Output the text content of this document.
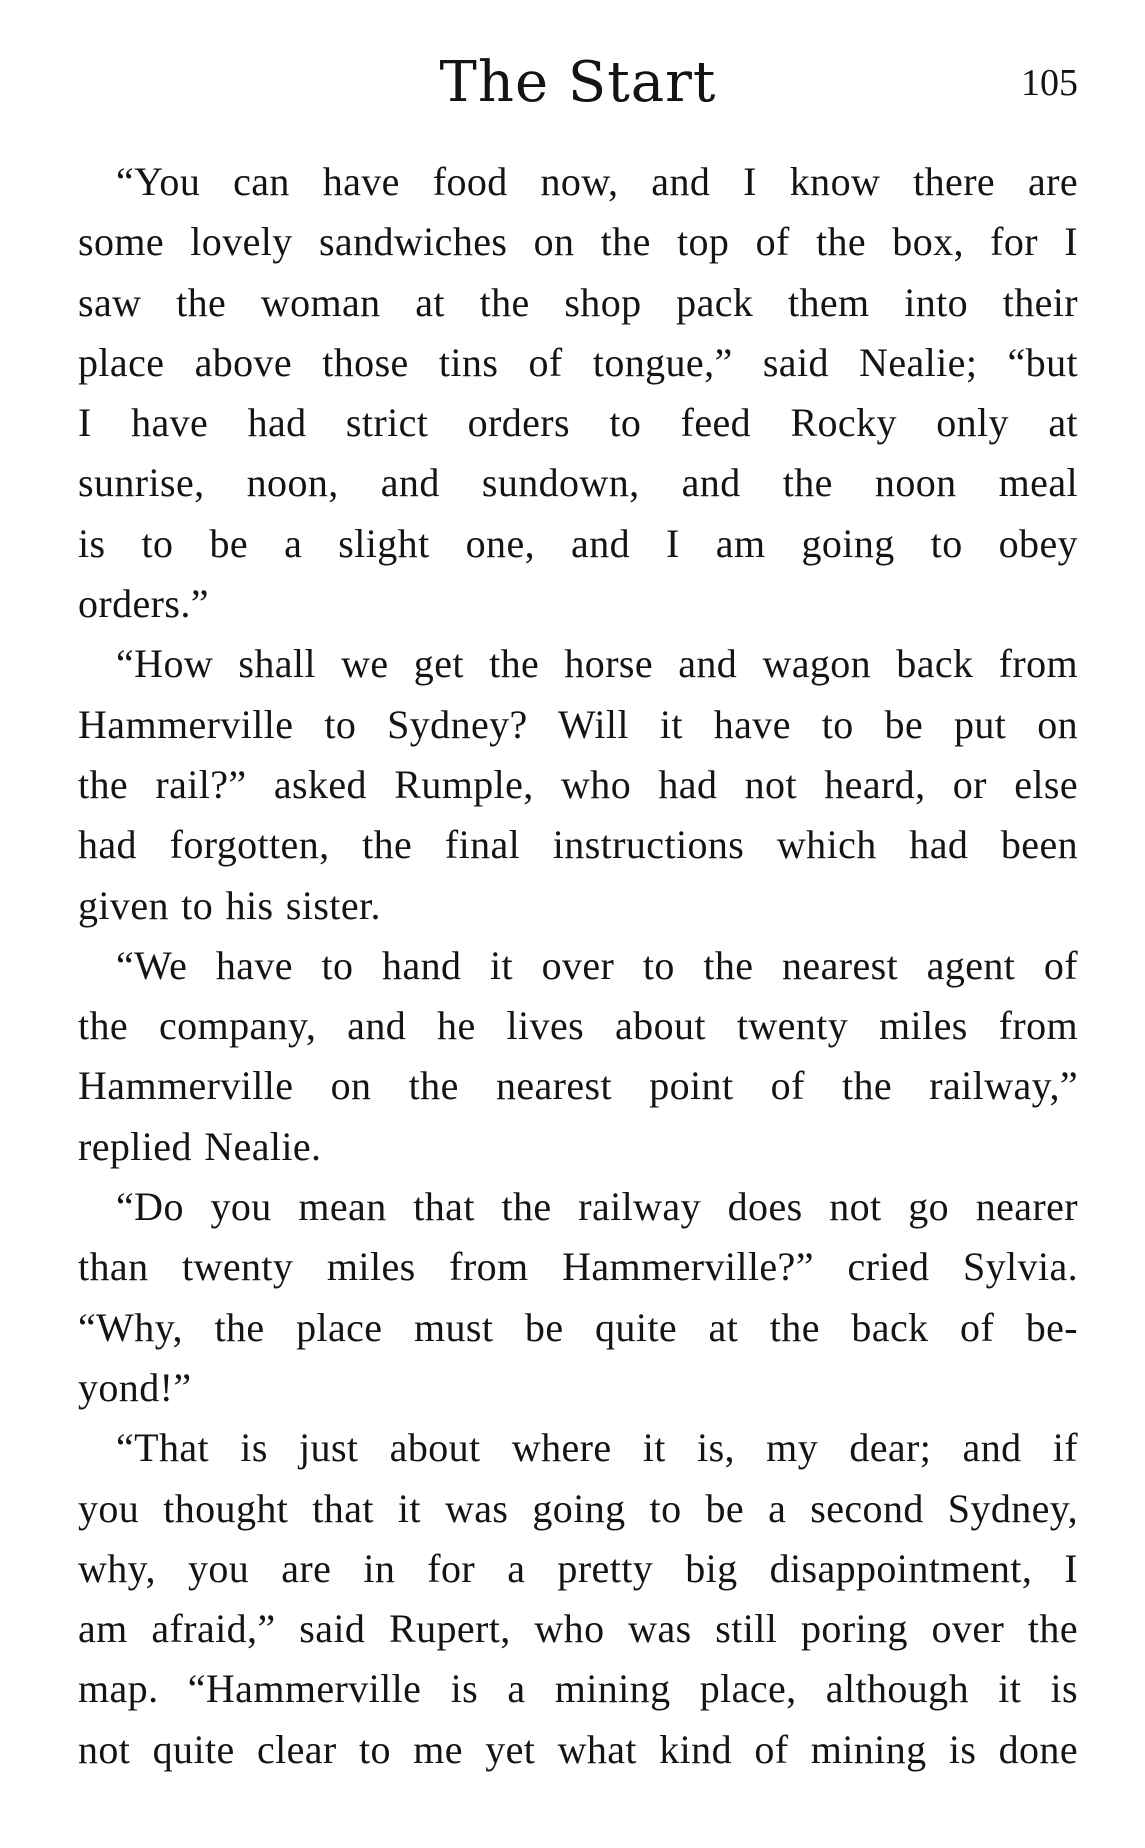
The Start	105
“You can have food now, and I know there are
some lovely sandwiches on the top of the box, for I
saw the woman at the shop pack them into their
place above those tins of tongue,” said Nealie; “but
I have had strict orders to feed Rocky only at
sunrise, noon, and sundown, and the noon meal
is to be a slight one, and I am going to obey
orders.”
“How shall we get the horse and wagon back from
Hammerville to Sydney? Will it have to be put on
the rail?” asked Rumple, who had not heard, or else
had forgotten, the final instructions which had been
given to his sister.
“We have to hand it over to the nearest agent of
the company, and he lives about twenty miles from
Hammerville on the nearest point of the railway,”
replied Nealie.
“Do you mean that the railway does not go nearer
than twenty miles from Hammerville?” cried Sylvia.
“Why, the place must be quite at the back of be-
yond!”
“That is just about where it is, my dear; and if
you thought that it was going to be a second Sydney,
why, you are in for a pretty big disappointment, I
am afraid,” said Rupert, who was still poring over the
map. “Hammerville is a mining place, although it is
not quite clear to me yet what kind of mining is done
